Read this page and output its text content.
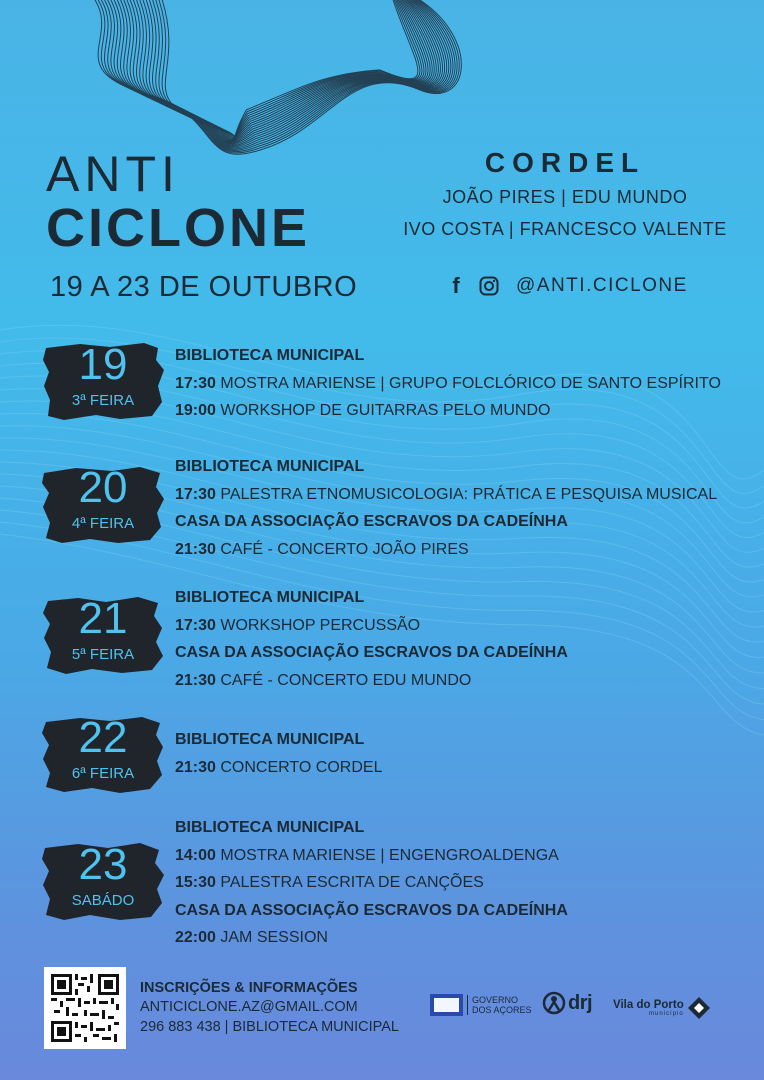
ANTI
CICLONE
19 A 23 DE OUTUBRO
CORDEL
JOÃO PIRES | EDU MUNDO
IVO COSTA | FRANCESCO VALENTE
f	@ANTI.CICLONE
19
3ª FEIRA
BIBLIOTECA MUNICIPAL
17:30 MOSTRA MARIENSE | GRUPO FOLCLÓRICO DE SANTO ESPÍRITO
19:00 WORKSHOP DE GUITARRAS PELO MUNDO
20
4ª FEIRA
BIBLIOTECA MUNICIPAL
17:30 PALESTRA ETNOMUSICOLOGIA: PRÁTICA E PESQUISA MUSICAL
CASA DA ASSOCIAÇÃO ESCRAVOS DA CADEÍNHA
21:30 CAFÉ - CONCERTO JOÃO PIRES
21
5ª FEIRA
BIBLIOTECA MUNICIPAL
17:30 WORKSHOP PERCUSSÃO
CASA DA ASSOCIAÇÃO ESCRAVOS DA CADEÍNHA
21:30 CAFÉ - CONCERTO EDU MUNDO
22
6ª FEIRA
BIBLIOTECA MUNICIPAL
21:30 CONCERTO CORDEL
23
SABÁDO
BIBLIOTECA MUNICIPAL
14:00 MOSTRA MARIENSE | ENGENGROALDENGA
15:30 PALESTRA ESCRITA DE CANÇÕES
CASA DA ASSOCIAÇÃO ESCRAVOS DA CADEÍNHA
22:00 JAM SESSION
INSCRIÇÕES & INFORMAÇÕES
ANTICICLONE.AZ@GMAIL.COM
296 883 438 | BIBLIOTECA MUNICIPAL
GOVERNO
DOS AÇORES drj Vila do Porto
município
